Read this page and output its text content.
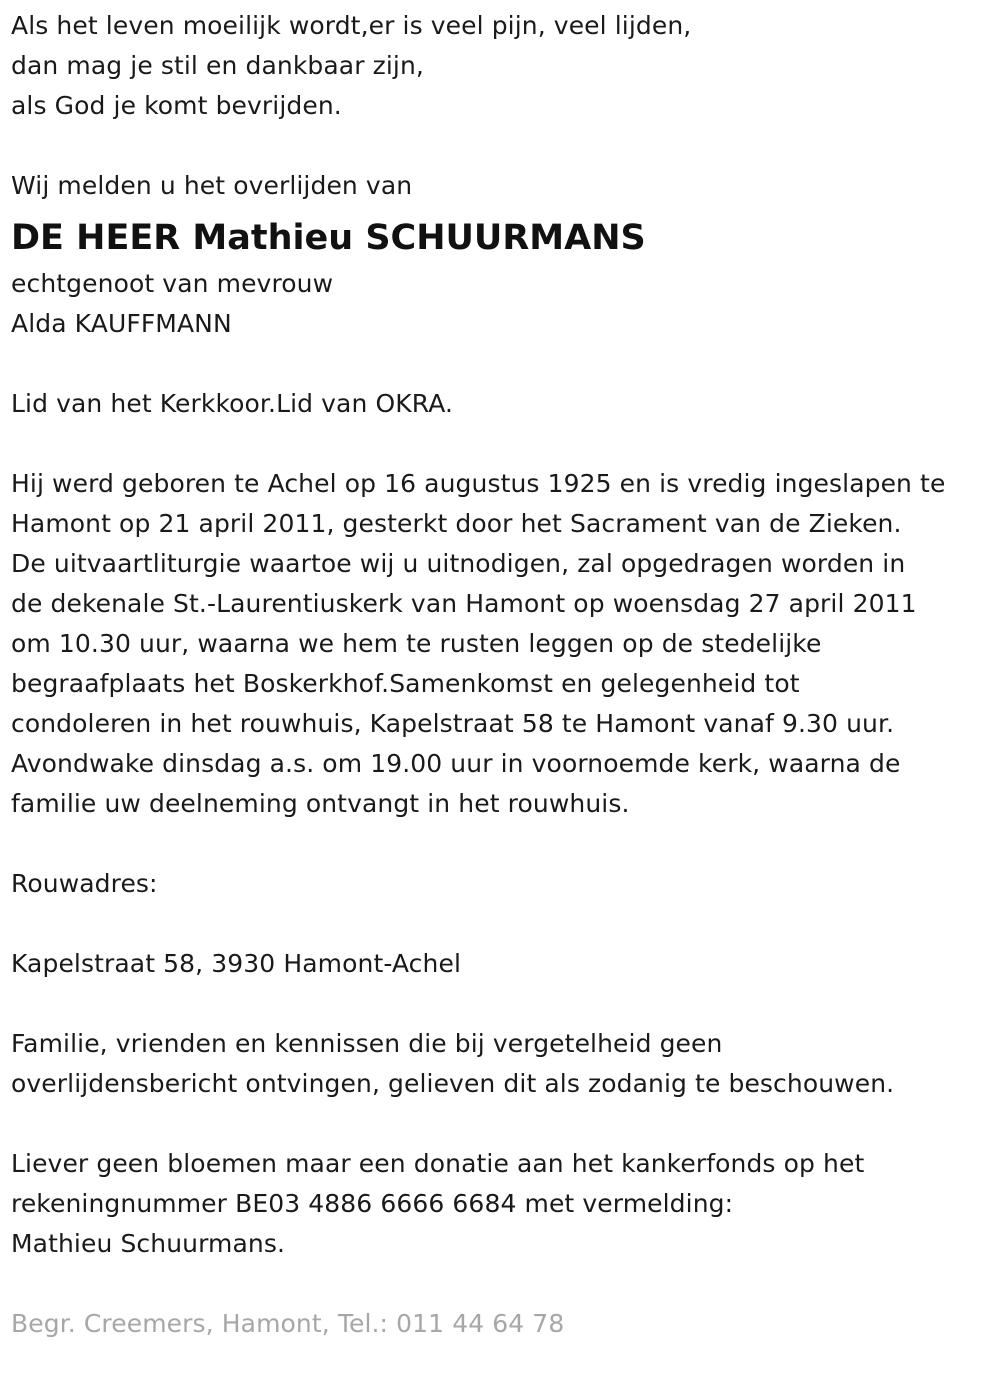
Als het leven moeilijk wordt,er is veel pijn, veel lijden,
dan mag je stil en dankbaar zijn,
als God je komt bevrijden.
Wij melden u het overlijden van
DE HEER Mathieu SCHUURMANS
echtgenoot van mevrouw
Alda KAUFFMANN
Lid van het Kerkkoor.Lid van OKRA.
Hij werd geboren te Achel op 16 augustus 1925 en is vredig ingeslapen te
Hamont op 21 april 2011, gesterkt door het Sacrament van de Zieken.
De uitvaartliturgie waartoe wij u uitnodigen, zal opgedragen worden in
de dekenale St.-Laurentiuskerk van Hamont op woensdag 27 april 2011
om 10.30 uur, waarna we hem te rusten leggen op de stedelijke
begraafplaats het Boskerkhof.Samenkomst en gelegenheid tot
condoleren in het rouwhuis, Kapelstraat 58 te Hamont vanaf 9.30 uur.
Avondwake dinsdag a.s. om 19.00 uur in voornoemde kerk, waarna de
familie uw deelneming ontvangt in het rouwhuis.
Rouwadres:
Kapelstraat 58, 3930 Hamont-Achel
Familie, vrienden en kennissen die bij vergetelheid geen
overlijdensbericht ontvingen, gelieven dit als zodanig te beschouwen.
Liever geen bloemen maar een donatie aan het kankerfonds op het
rekeningnummer BE03 4886 6666 6684 met vermelding:
Mathieu Schuurmans.
Begr. Creemers, Hamont, Tel.: 011 44 64 78
